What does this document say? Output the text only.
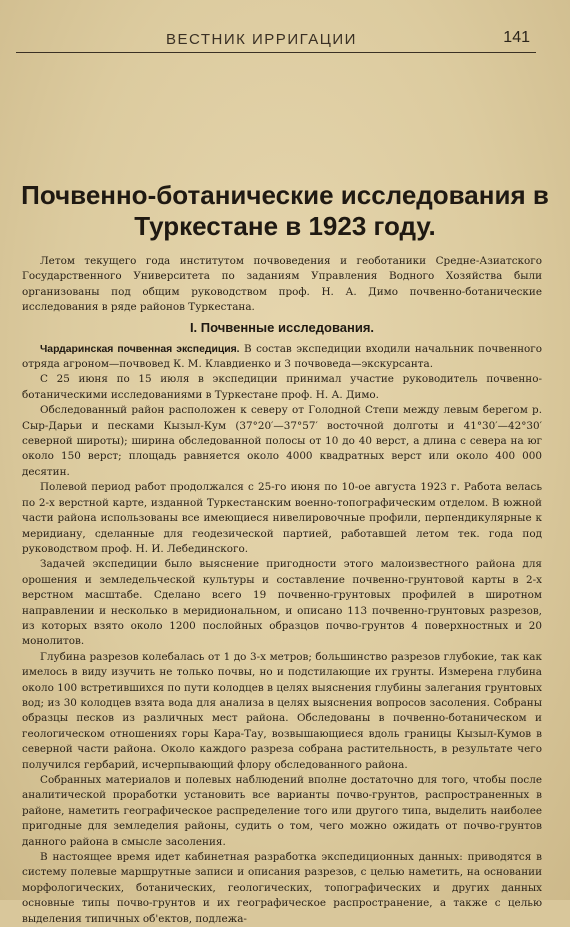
ВЕСТНИК ИРРИГАЦИИ	141
Почвенно-ботанические исследования в
Туркестане в 1923 году.

Летом текущего года институтом почвоведения и геоботаники Средне-Азиатского Государственного Университета по заданиям Управления Водного Хозяйства были организованы под общим руководством проф. Н. А. Димо почвенно-ботанические исследования в ряде районов Туркестана.

I. Почвенные исследования.

Чардаринская почвенная экспедиция. В состав экспедиции входили начальник почвенного отряда агроном—почвовед К. М. Клавдиенко и 3 почвоведа—экскурсанта.

С 25 июня по 15 июля в экспедиции принимал участие руководитель почвенно-ботаническими исследованиями в Туркестане проф. Н. А. Димо.

Обследованный район расположен к северу от Голодной Степи между левым берегом р. Сыр-Дарьи и песками Кызыл-Кум (37°20′—37°57′ восточной долготы и 41°30′—42°30′ северной широты); ширина обследованной полосы от 10 до 40 верст, а длина с севера на юг около 150 верст; площадь равняется около 4000 квадратных верст или около 400 000 десятин.

Полевой период работ продолжался с 25-го июня по 10-ое августа 1923 г. Работа велась по 2-х верстной карте, изданной Туркестанским военно-топографическим отделом. В южной части района использованы все имеющиеся нивелировочные профили, перпендикулярные к меридиану, сделанные для геодезической партией, работавшей летом тек. года под руководством проф. Н. И. Лебединского.

Задачей экспедиции было выяснение пригодности этого малоизвестного района для орошения и земледельческой культуры и составление почвенно-грунтовой карты в 2-х верстном масштабе. Сделано всего 19 почвенно-грунтовых профилей в широтном направлении и несколько в меридиональном, и описано 113 почвенно-грунтовых разрезов, из которых взято около 1200 послойных образцов почво-грунтов 4 поверхностных и 20 монолитов.

Глубина разрезов колебалась от 1 до 3-х метров; большинство разрезов глубокие, так как имелось в виду изучить не только почвы, но и подстилающие их грунты. Измерена глубина около 100 встретившихся по пути колодцев в целях выяснения глубины залегания грунтовых вод; из 30 колодцев взята вода для анализа в целях выяснения вопросов засоления. Собраны образцы песков из различных мест района. Обследованы в почвенно-ботаническом и геологическом отношениях горы Кара-Тау, возвышающиеся вдоль границы Кызыл-Кумов в северной части района. Около каждого разреза собрана растительность, в результате чего получился гербарий, исчерпывающий флору обследованного района.

Собранных материалов и полевых наблюдений вполне достаточно для того, чтобы после аналитической проработки установить все варианты почво-грунтов, распространенных в районе, наметить географическое распределение того или другого типа, выделить наиболее пригодные для земледелия районы, судить о том, чего можно ожидать от почво-грунтов данного района в смысле засоления.

В настоящее время идет кабинетная разработка экспедиционных данных: приводятся в систему полевые маршрутные записи и описания разрезов, с целью наметить, на основании морфологических, ботанических, геологических, топографических и других данных основные типы почво-грунтов и их географическое распространение, а также с целью выделения типичных об'ектов, подлежа-
